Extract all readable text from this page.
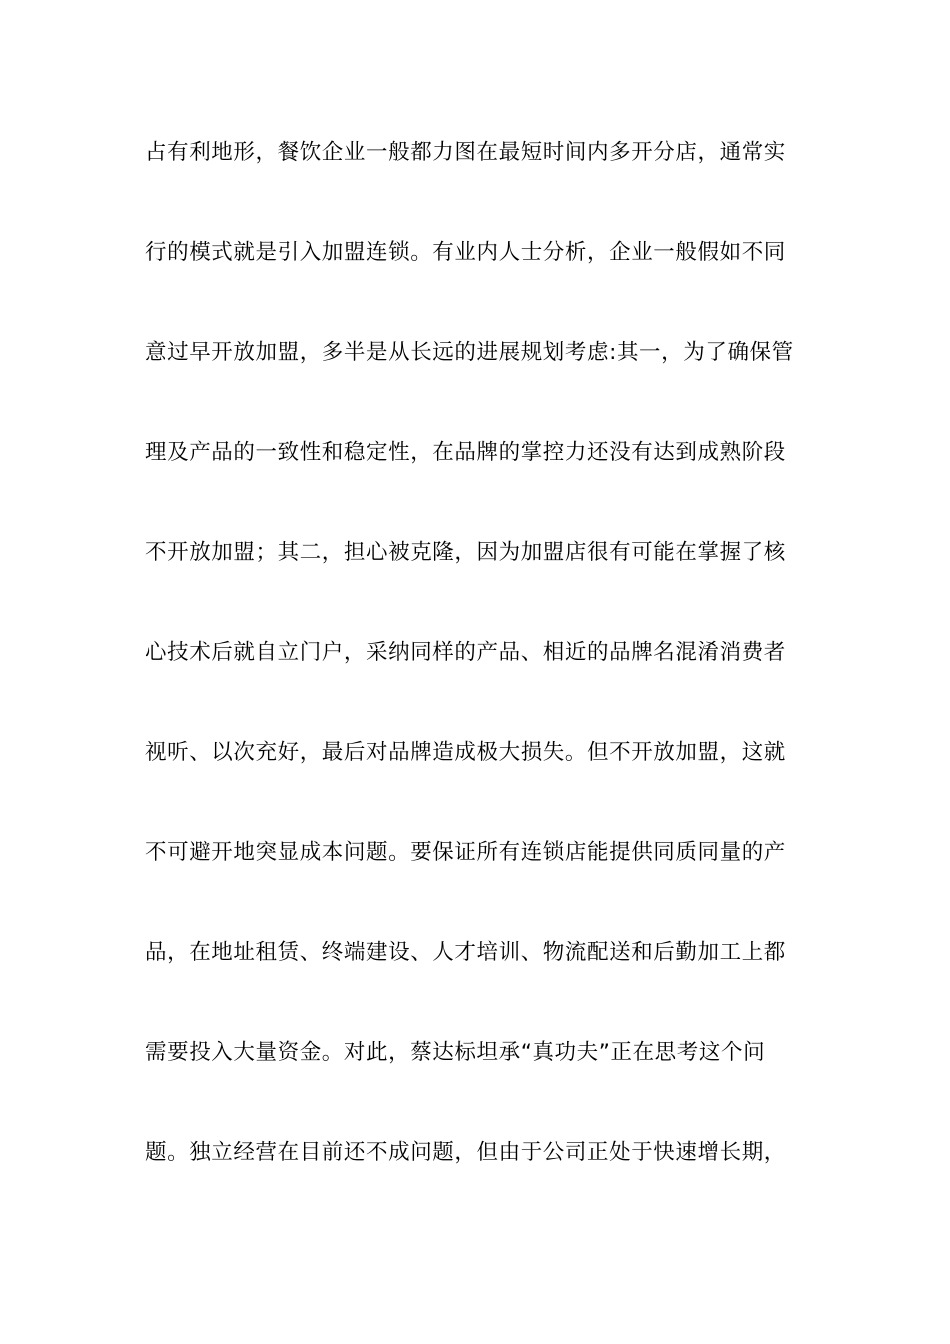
占有利地形，餐饮企业一般都力图在最短时间内多开分店，通常实
行的模式就是引入加盟连锁。有业内人士分析，企业一般假如不同
意过早开放加盟，多半是从长远的进展规划考虑:其一，为了确保管
理及产品的一致性和稳定性，在品牌的掌控力还没有达到成熟阶段
不开放加盟；其二，担心被克隆，因为加盟店很有可能在掌握了核
心技术后就自立门户，采纳同样的产品、相近的品牌名混淆消费者
视听、以次充好，最后对品牌造成极大损失。但不开放加盟，这就
不可避开地突显成本问题。要保证所有连锁店能提供同质同量的产
品，在地址租赁、终端建设、人才培训、物流配送和后勤加工上都
需要投入大量资金。对此，蔡达标坦承“真功夫”正在思考这个问
题。独立经营在目前还不成问题，但由于公司正处于快速增长期，
